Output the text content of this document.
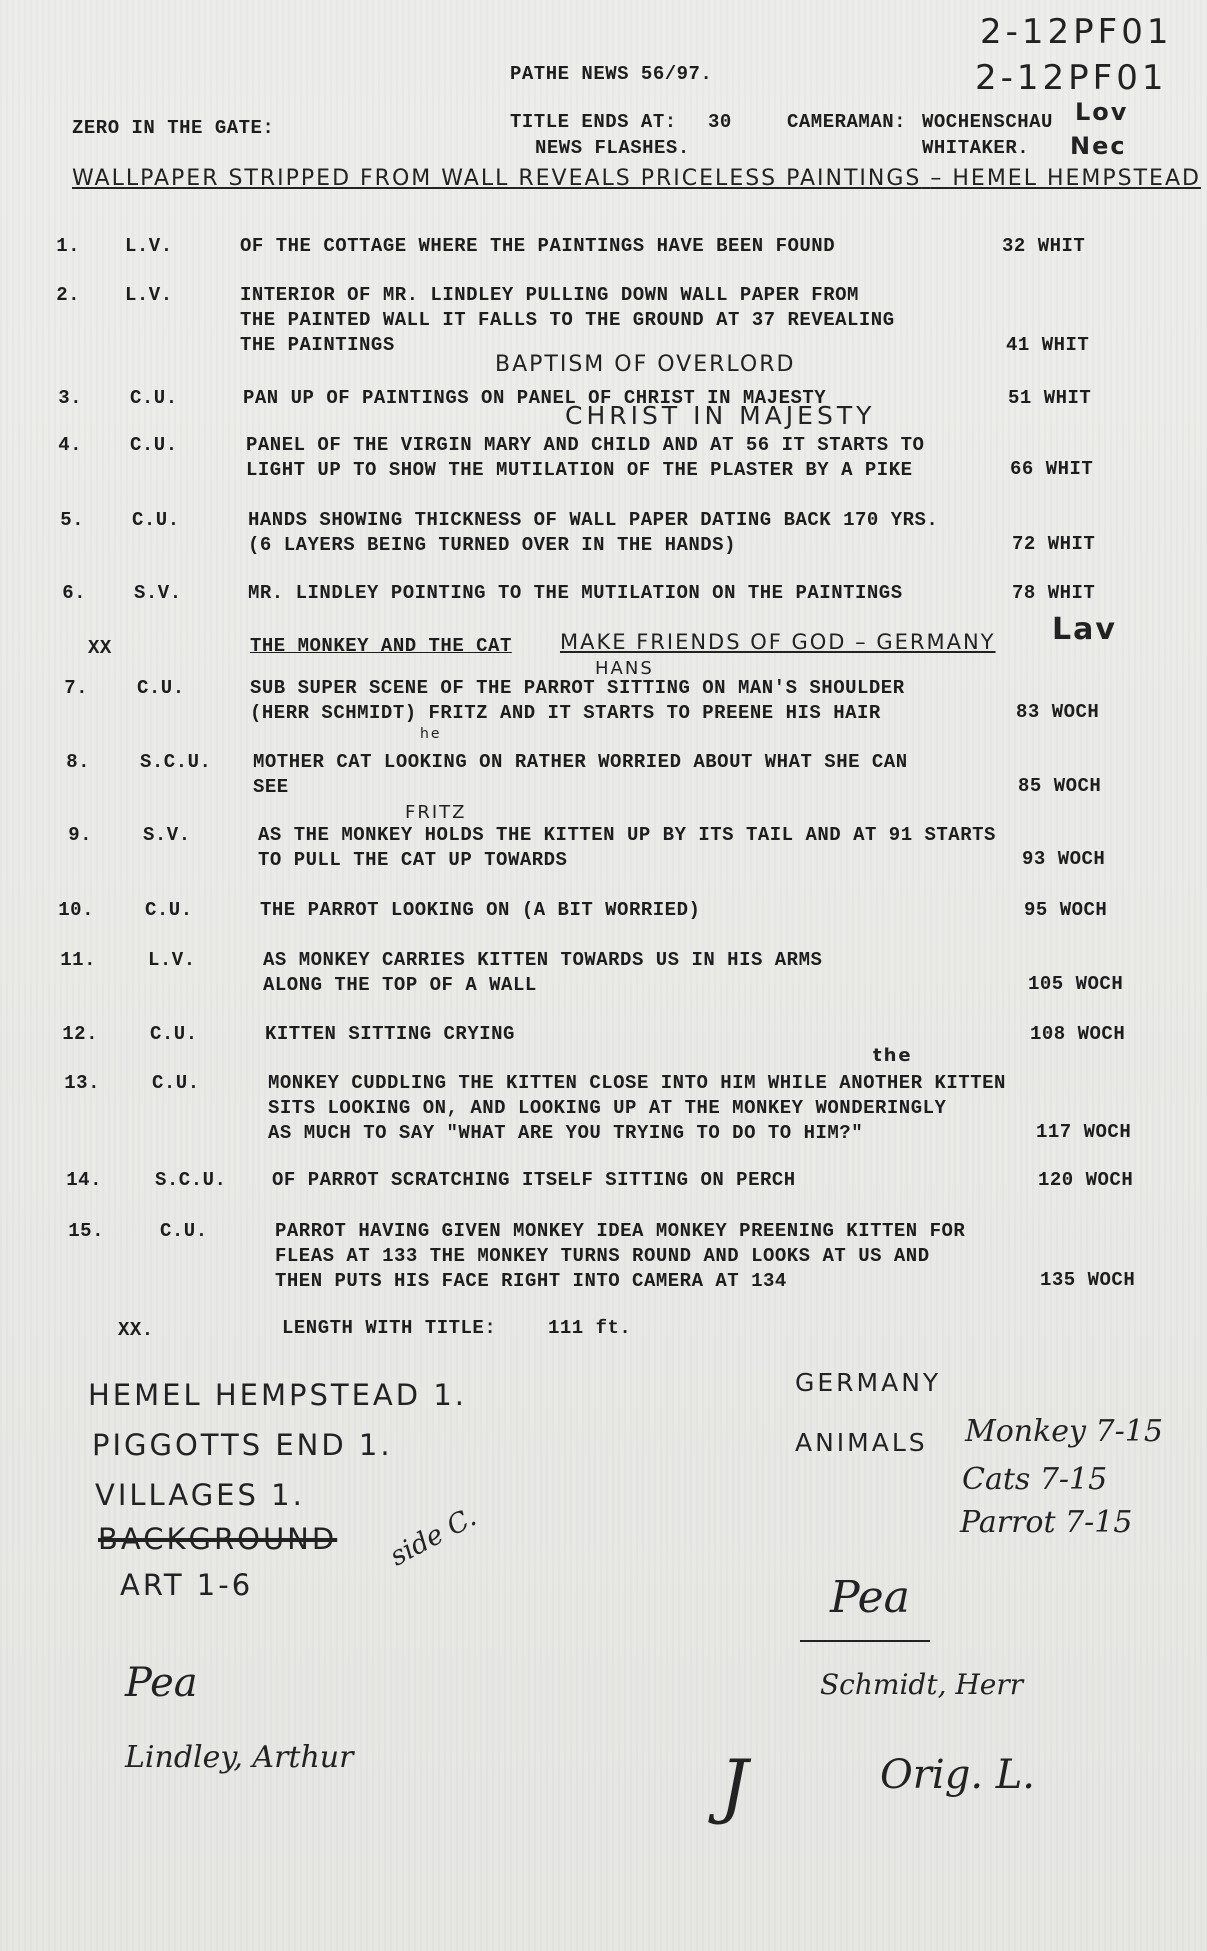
2-12PF01
2-12PF01
PATHE NEWS 56/97.
ZERO IN THE GATE:	TITLE ENDS AT: 30
NEWS FLASHES.
CAMERAMAN: WOCHENSCHAU
WHITAKER.
Lov
Nec
WALLPAPER STRIPPED FROM WALL REVEALS PRICELESS PAINTINGS – HEMEL HEMPSTEAD
1. L.V.	OF THE COTTAGE WHERE THE PAINTINGS HAVE BEEN FOUND	32 WHIT
2. L.V.	INTERIOR OF MR. LINDLEY PULLING DOWN WALL PAPER FROM
THE PAINTED WALL IT FALLS TO THE GROUND AT 37 REVEALING
THE PAINTINGS	41 WHIT
BAPTISM OF OVERLORD
3.	C.U.	PAN UP OF PAINTINGS ON PANEL OF CHRIST IN MAJESTY	51 WHIT
CHRIST IN MAJESTY
4.	C.U.	PANEL OF THE VIRGIN MARY AND CHILD AND AT 56 IT STARTS TO
LIGHT UP TO SHOW THE MUTILATION OF THE PLASTER BY A PIKE	66 WHIT
5.	C.U.	HANDS SHOWING THICKNESS OF WALL PAPER DATING BACK 170 YRS.
(6 LAYERS BEING TURNED OVER IN THE HANDS)	72 WHIT
6.	S.V.	MR. LINDLEY POINTING TO THE MUTILATION ON THE PAINTINGS	78 WHIT
Lav
XX	THE MONKEY AND THE CAT MAKE FRIENDS OF GOD – GERMANY
HANS
7.	C.U.	SUB SUPER SCENE OF THE PARROT SITTING ON MAN'S SHOULDER
(HERR SCHMIDT) FRITZ AND IT STARTS TO PREENE HIS HAIR	83 WOCH
he
8.	S.C.U. MOTHER CAT LOOKING ON RATHER WORRIED ABOUT WHAT SHE CAN
SEE	85 WOCH
FRITZ
9.	S.V.	AS THE MONKEY HOLDS THE KITTEN UP BY ITS TAIL AND AT 91 STARTS
TO PULL THE CAT UP TOWARDS	93 WOCH
10.	C.U.	THE PARROT LOOKING ON (A BIT WORRIED)	95 WOCH
11.	L.V.	AS MONKEY CARRIES KITTEN TOWARDS US IN HIS ARMS
ALONG THE TOP OF A WALL	105 WOCH
12.	C.U.	KITTEN SITTING CRYING	108 WOCH
the
13.	C.U.	MONKEY CUDDLING THE KITTEN CLOSE INTO HIM WHILE ANOTHER KITTEN
SITS LOOKING ON, AND LOOKING UP AT THE MONKEY WONDERINGLY
AS MUCH TO SAY "WHAT ARE YOU TRYING TO DO TO HIM?"	117 WOCH
14.	S.C.U. OF PARROT SCRATCHING ITSELF SITTING ON PERCH	120 WOCH
15.	C.U.	PARROT HAVING GIVEN MONKEY IDEA MONKEY PREENING KITTEN FOR
FLEAS AT 133 THE MONKEY TURNS ROUND AND LOOKS AT US AND
THEN PUTS HIS FACE RIGHT INTO CAMERA AT 134	135 WOCH
XX.	LENGTH WITH TITLE:	111 ft.
HEMEL HEMPSTEAD 1.
PIGGOTTS END 1.
VILLAGES 1.
BACKGROUND
ART 1-6
side C.
Pea
Lindley, Arthur
GERMANY
ANIMALS Monkey 7-15
Cats 7-15
Parrot 7-15
Pea
Schmidt, Herr
J	Orig. L.
